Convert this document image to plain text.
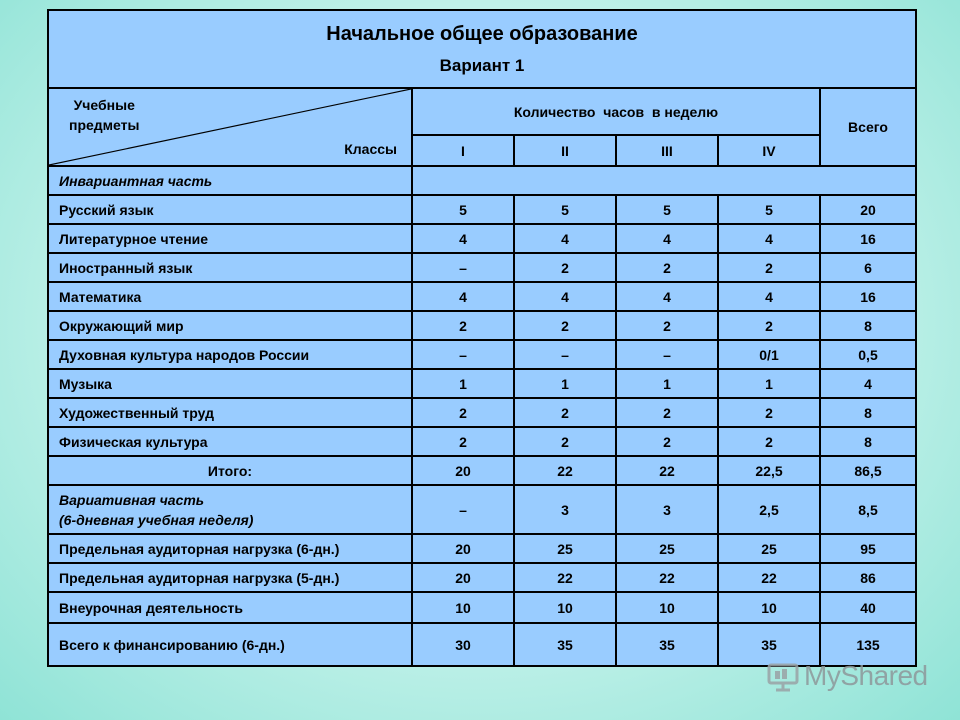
Начальное общее образование
Вариант 1					

Учебные
предметы
Классы	Количество  часов  в неделю				Всего
	I	II	III	IV	
Инвариантная часть					
Русский язык	5	5	5	5	20
Литературное чтение	4	4	4	4	16
Иностранный язык	–	2	2	2	6
Математика	4	4	4	4	16
Окружающий мир	2	2	2	2	8
Духовная культура народов России	–	–	–	0/1	0,5
Музыка	1	1	1	1	4
Художественный труд	2	2	2	2	8
Физическая культура	2	2	2	2	8
Итого:	20	22	22	22,5	86,5

Вариативная часть
(6-дневная учебная неделя)	–	3	3	2,5	8,5
Предельная аудиторная нагрузка (6-дн.)	20	25	25	25	95
Предельная аудиторная нагрузка (5-дн.)	20	22	22	22	86
Внеурочная деятельность	10	10	10	10	40
Всего к финансированию (6-дн.)	30	35	35	35	135
MyShared
